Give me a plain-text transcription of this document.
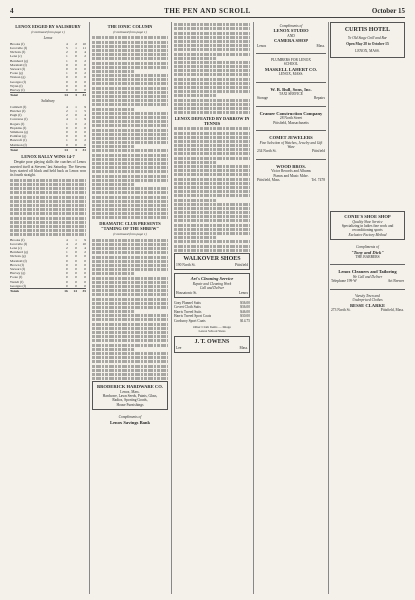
4	THE PEN AND SCROLL	October 15
LENOX EDGED BY SALISBURY
(Continued from page 1)
Lenox
Brooks (f)	4	2	10
Iacovelle (f)	5	1	11
Nichols (f)	2	0	4
Lenz (c)	1	0	2
Bernhard (g)	1	0	2
Marshall (f)	0	0	0
Stewart (f)	0	0	0
Foote (g)	1	0	2
Watson (g)	0	0	0
Georges (f)	0	0	0
Wynn (f)	0	0	0
Harvey (f)	0	0	0
Total	14	3	31
Salisbury
Cambell (f)	4	1	9
Hatcher (f)	2	1	5
Pugh (f)	2	0	4
Converse (f)	4	1	9
Rogers (f)	1	0	2
Hopkins (f)	0	0	0
Simmons (g)	0	0	0
Pomfret (g)	0	0	0
Bancroft (f)	1	0	2
Mattison (f)	0	0	0
Total	14	3	31
LENOX RALLY WINS 14-7

Despite poor playing skills the coaches of Lenox asserted itself at Stevens' last Saturday. The Stevens boys started off black and held back as Lenox won its fourth straight.

Brooks (f)	4	1	9
Iacovelle (f)	4	2	10
Lenz (c)	2	0	4
Bernhard (g)	1	0	2
Nichols (g)	0	0	0
Marshall (f)	0	0	0
Brown (f)	0	0	0
Stewart (f)	0	0	0
Harvey (g)	0	0	0
Foote (f)	0	0	0
Wendt (f)	0	0	0
Georges (f)	0	0	0
Totals	16	14	35
THE IONIC COLUMN
(Continued from page 1)
DRAMATIC CLUB PRESENTS "TAMING OF THE SHREW"
(Continued from page 1)
BRODERICK HARDWARE CO.
Lenox, Mass.
Hardware, Lawn Seeds, Paints, Glass,
Radios, Sporting Goods,
House Furnishings
Compliments of
Lenox Savings Bank
LENOX DEFEATED BY DARROW IN TENNIS
WALKOVER SHOES
190 North St.	Pittsfield
Art's Cleaning Service
Repair and Cleaning Work
Call and Deliver
Housatonic St.	Lenox
Gray Flannel Suits	$36.00
Covert Cloth Suits	$36.00
Harris Tweed Suits	$46.00
Harris Tweed Sport Coats	$30.00
Corduroy Sport Coats	$14.75
Other Cloth Items — Image
Lenox School Sizes
J. T. OWENS
Lee	Mass.
Compliments of
LENOX STUDIO
AND
CAMERA SHOP
Lenox	Mass.
PLUMBERS FOR LENOX
SCHOOL
MASKELL LAHERT CO.
LENOX, MASS.
W. B. Bull, Sons, Inc.
TAXI SERVICE
Storage	Repairs
Cramer Construction Company
28 North Street
Pittsfield, Massachusetts
COMET JEWELERS
Fine Selection of Watches, Jewelry and Gift Ware
234 North St.	Pittsfield
WOOD BROS.
Victor Records and Albums
Pianos and Music Mdse.
Pittsfield, Mass.	Tel. 7478
CURTIS HOTEL
Ye Old Stage Grill and Bar
Open May 28 to October 15
LENOX, MASS.
CONIE'S SHOE SHOP
Quality Shoe Service
Specializing in ladies fine work and reconditioning sports
Exclusive Factory Method
Compliments of
"Tony and Dick"
THE BARBERS
Lenox Cleaners and Tailoring
We Call and Deliver
Telephone 199-W	Art Brewer
Varsity Town and
Underpriced Clothes
BESSE CLARKE
273 North St.	Pittsfield, Mass.
